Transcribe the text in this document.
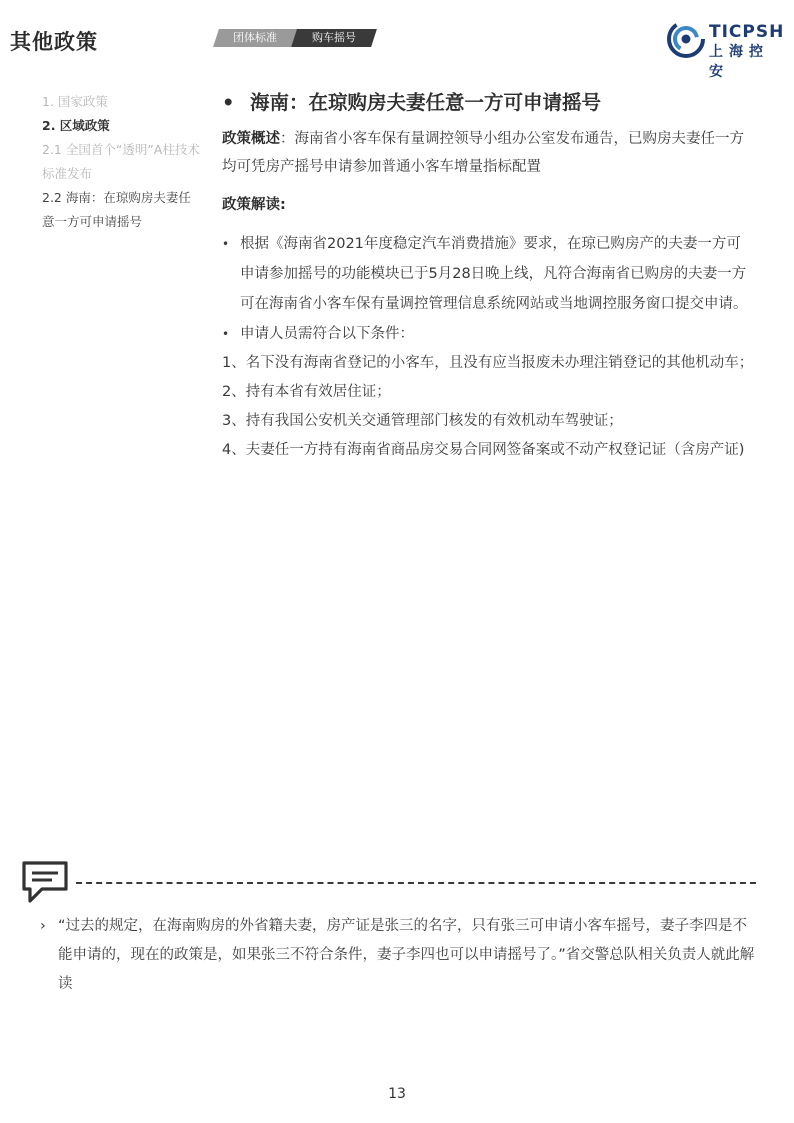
其他政策	团体标准	购车摇号	TICPSH
上海控安
1. 国家政策
2. 区域政策
2.1 全国首个“透明”A柱技术标准发布
2.2 海南：在琼购房夫妻任意一方可申请摇号
• 海南：在琼购房夫妻任意一方可申请摇号
政策概述：海南省小客车保有量调控领导小组办公室发布通告，已购房夫妻任一方均可凭房产摇号申请参加普通小客车增量指标配置
政策解读:
• 根据《海南省2021年度稳定汽车消费措施》要求，在琼已购房产的夫妻一方可申请参加摇号的功能模块已于5月28日晚上线，凡符合海南省已购房的夫妻一方可在海南省小客车保有量调控管理信息系统网站或当地调控服务窗口提交申请。
• 申请人员需符合以下条件：
1、名下没有海南省登记的小客车，且没有应当报废未办理注销登记的其他机动车；
2、持有本省有效居住证；
3、持有我国公安机关交通管理部门核发的有效机动车驾驶证；
4、夫妻任一方持有海南省商品房交易合同网签备案或不动产权登记证（含房产证)
› “过去的规定，在海南购房的外省籍夫妻，房产证是张三的名字，只有张三可申请小客车摇号，妻子李四是不能申请的，现在的政策是，如果张三不符合条件，妻子李四也可以申请摇号了。”省交警总队相关负责人就此解读
13
